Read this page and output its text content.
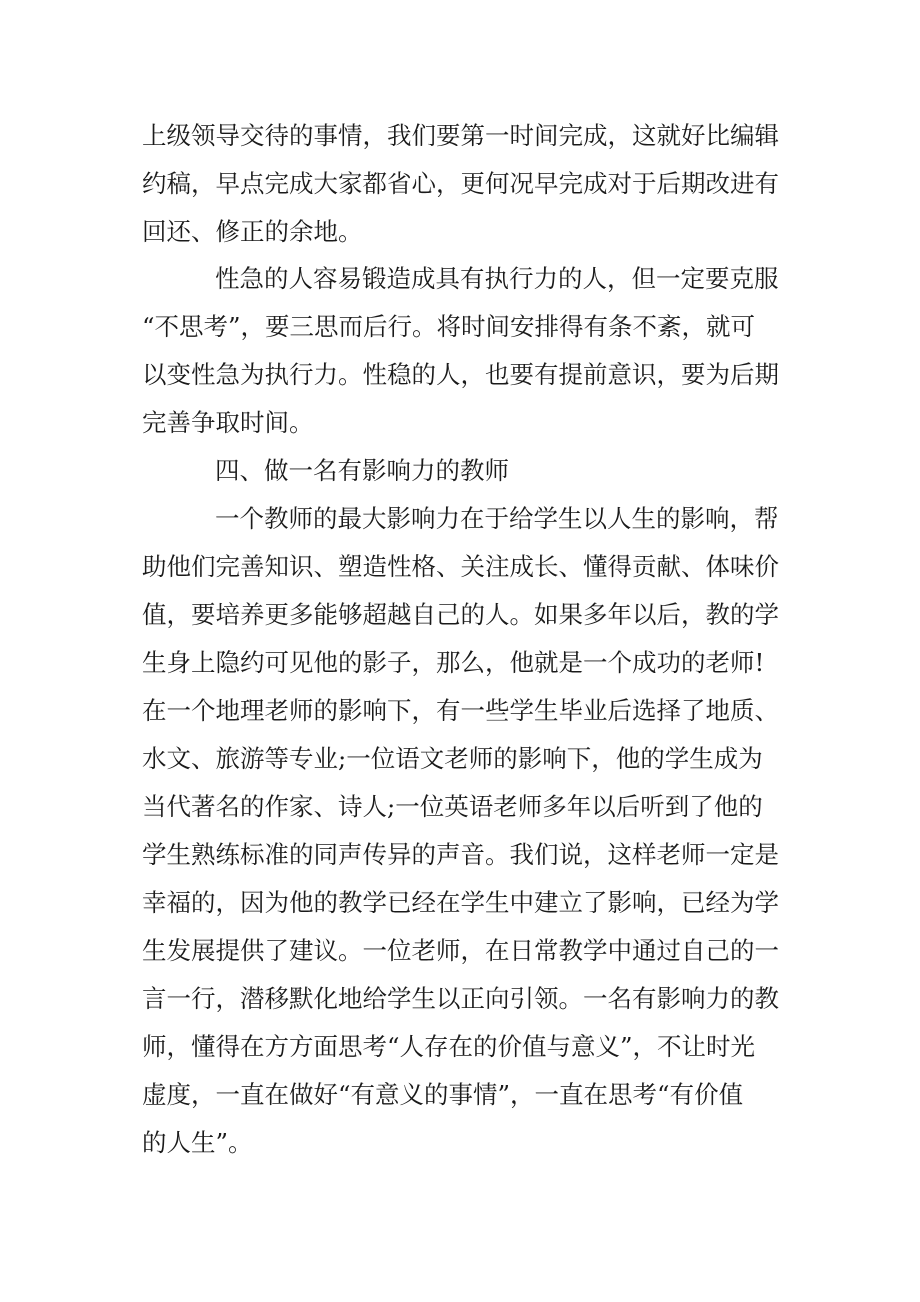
上级领导交待的事情，我们要第一时间完成，这就好比编辑
约稿，早点完成大家都省心，更何况早完成对于后期改进有
回还、修正的余地。
性急的人容易锻造成具有执行力的人，但一定要克服
“不思考”，要三思而后行。将时间安排得有条不紊，就可
以变性急为执行力。性稳的人，也要有提前意识，要为后期
完善争取时间。
四、做一名有影响力的教师
一个教师的最大影响力在于给学生以人生的影响，帮
助他们完善知识、塑造性格、关注成长、懂得贡献、体味价
值，要培养更多能够超越自己的人。如果多年以后，教的学
生身上隐约可见他的影子，那么，他就是一个成功的老师!
在一个地理老师的影响下，有一些学生毕业后选择了地质、
水文、旅游等专业;一位语文老师的影响下，他的学生成为
当代著名的作家、诗人;一位英语老师多年以后听到了他的
学生熟练标准的同声传异的声音。我们说，这样老师一定是
幸福的，因为他的教学已经在学生中建立了影响，已经为学
生发展提供了建议。一位老师，在日常教学中通过自己的一
言一行，潜移默化地给学生以正向引领。一名有影响力的教
师，懂得在方方面思考“人存在的价值与意义”，不让时光
虚度，一直在做好“有意义的事情”，一直在思考“有价值
的人生”。
